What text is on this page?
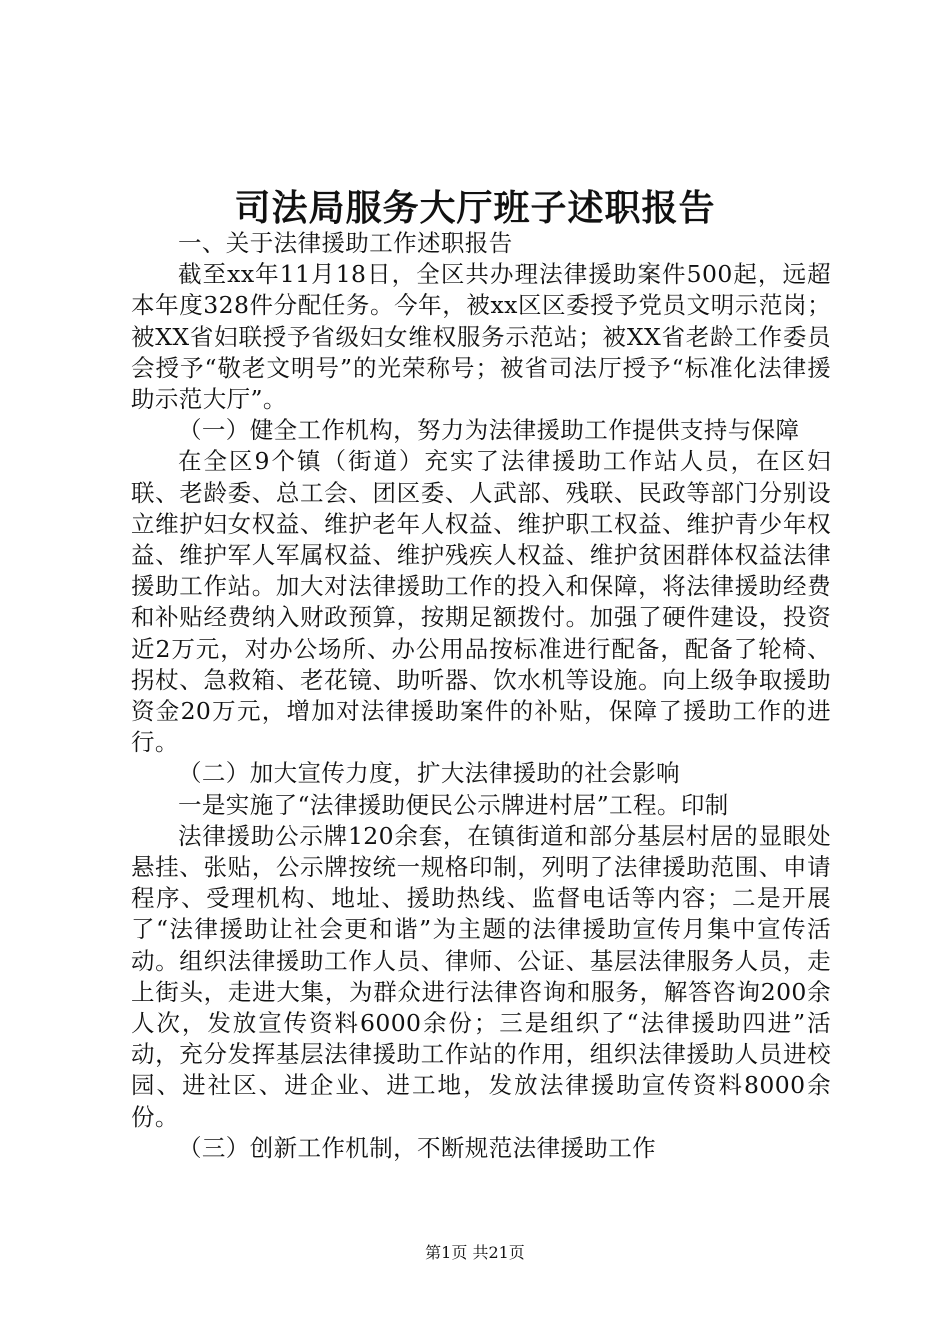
司法局服务大厅班子述职报告

一、关于法律援助工作述职报告

截至xx年11月18日，全区共办理法律援助案件500起，远超本年度328件分配任务。今年，被xx区区委授予党员文明示范岗；被XX省妇联授予省级妇女维权服务示范站；被XX省老龄工作委员会授予“敬老文明号”的光荣称号；被省司法厅授予“标准化法律援助示范大厅”。

（一）健全工作机构，努力为法律援助工作提供支持与保障

在全区9个镇（街道）充实了法律援助工作站人员，在区妇联、老龄委、总工会、团区委、人武部、残联、民政等部门分别设立维护妇女权益、维护老年人权益、维护职工权益、维护青少年权益、维护军人军属权益、维护残疾人权益、维护贫困群体权益法律援助工作站。加大对法律援助工作的投入和保障，将法律援助经费和补贴经费纳入财政预算，按期足额拨付。加强了硬件建设，投资近2万元，对办公场所、办公用品按标准进行配备，配备了轮椅、拐杖、急救箱、老花镜、助听器、饮水机等设施。向上级争取援助资金20万元，增加对法律援助案件的补贴，保障了援助工作的进行。

（二）加大宣传力度，扩大法律援助的社会影响

一是实施了“法律援助便民公示牌进村居”工程。印制

法律援助公示牌120余套，在镇街道和部分基层村居的显眼处悬挂、张贴，公示牌按统一规格印制，列明了法律援助范围、申请程序、受理机构、地址、援助热线、监督电话等内容；二是开展了“法律援助让社会更和谐”为主题的法律援助宣传月集中宣传活动。组织法律援助工作人员、律师、公证、基层法律服务人员，走上街头，走进大集，为群众进行法律咨询和服务，解答咨询200余人次，发放宣传资料6000余份；三是组织了“法律援助四进”活动，充分发挥基层法律援助工作站的作用，组织法律援助人员进校园、进社区、进企业、进工地，发放法律援助宣传资料8000余份。

（三）创新工作机制，不断规范法律援助工作

第1页 共21页
